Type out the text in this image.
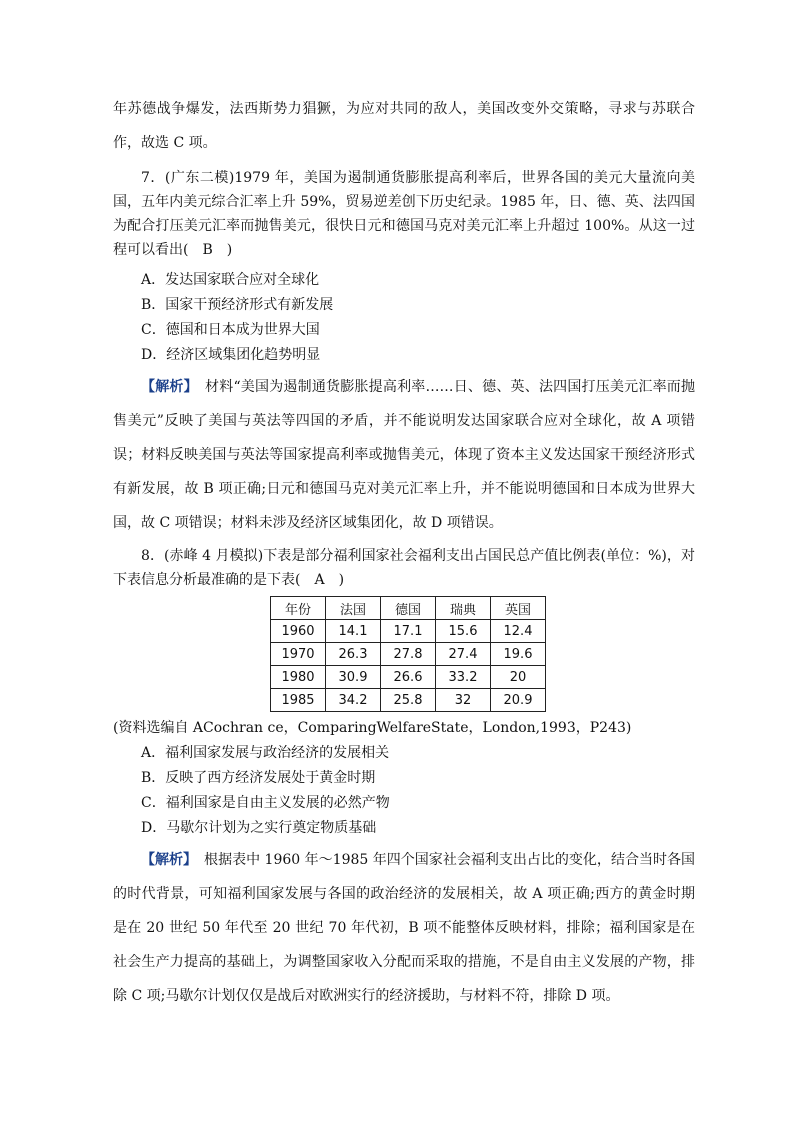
年苏德战争爆发，法西斯势力猖獗，为应对共同的敌人，美国改变外交策略，寻求与苏联合作，故选 C 项。
7．(广东二模)1979 年，美国为遏制通货膨胀提高利率后，世界各国的美元大量流向美国，五年内美元综合汇率上升 59%，贸易逆差创下历史纪录。1985 年，日、德、英、法四国为配合打压美元汇率而抛售美元，很快日元和德国马克对美元汇率上升超过 100%。从这一过程可以看出(　B　)
A．发达国家联合应对全球化
B．国家干预经济形式有新发展
C．德国和日本成为世界大国
D．经济区域集团化趋势明显
【解析】　材料“美国为遏制通货膨胀提高利率……日、德、英、法四国打压美元汇率而抛售美元”反映了美国与英法等四国的矛盾，并不能说明发达国家联合应对全球化，故 A 项错误；材料反映美国与英法等国家提高利率或抛售美元，体现了资本主义发达国家干预经济形式有新发展，故 B 项正确;日元和德国马克对美元汇率上升，并不能说明德国和日本成为世界大国，故 C 项错误；材料未涉及经济区域集团化，故 D 项错误。
8．(赤峰 4 月模拟)下表是部分福利国家社会福利支出占国民总产值比例表(单位：%)，对下表信息分析最准确的是下表(　A　)
年份	法国	德国	瑞典	英国
1960	14.1	17.1	15.6	12.4
1970	26.3	27.8	27.4	19.6
1980	30.9	26.6	33.2	20
1985	34.2	25.8	32	20.9
(资料选编自 ACochran ce，ComparingWelfareState，London,1993，P243)
A．福利国家发展与政治经济的发展相关
B．反映了西方经济发展处于黄金时期
C．福利国家是自由主义发展的必然产物
D．马歇尔计划为之实行奠定物质基础
【解析】　根据表中 1960 年～1985 年四个国家社会福利支出占比的变化，结合当时各国的时代背景，可知福利国家发展与各国的政治经济的发展相关，故 A 项正确;西方的黄金时期是在 20 世纪 50 年代至 20 世纪 70 年代初，B 项不能整体反映材料，排除；福利国家是在社会生产力提高的基础上，为调整国家收入分配而采取的措施，不是自由主义发展的产物，排除 C 项;马歇尔计划仅仅是战后对欧洲实行的经济援助，与材料不符，排除 D 项。
